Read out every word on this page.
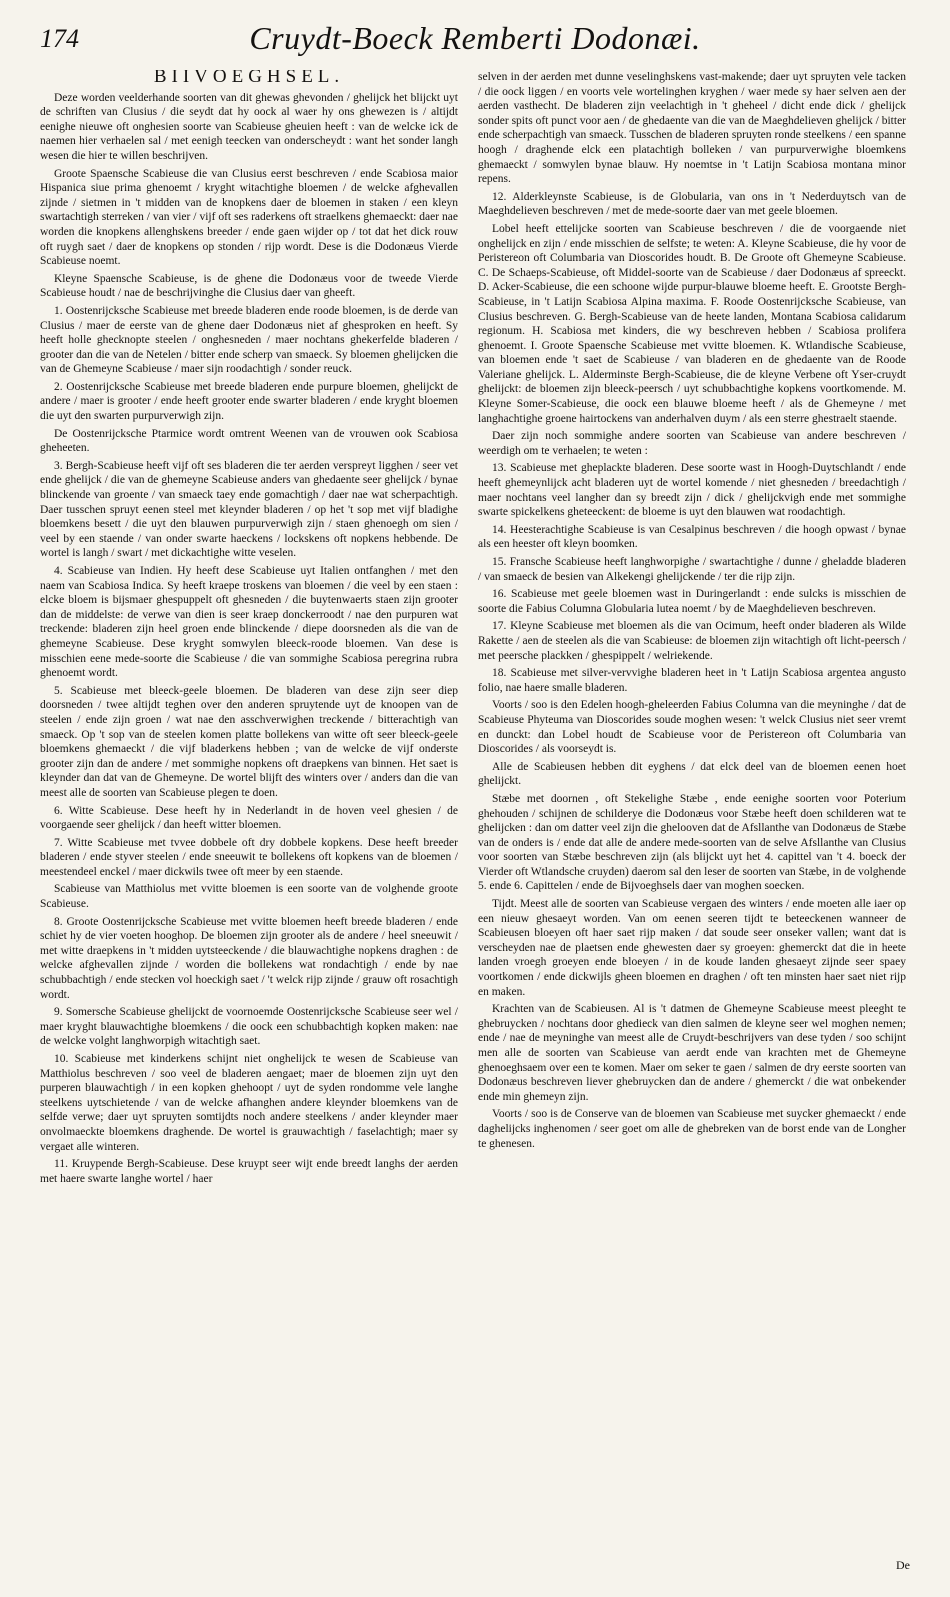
174	Cruydt-Boeck Remberti Dodonæi.
BIIVOEGHSEL.

Deze worden veelderhande soorten van dit ghewas ghevonden / ghelijck het blijckt uyt de schriften van Clusius / die seydt dat hy oock al waer hy ons ghewezen is / altijdt eenighe nieuwe oft onghesien soorte van Scabieuse gheuien heeft : van de welcke ick de naemen hier verhaelen sal / met eenigh teecken van onderscheydt : want het sonder langh wesen die hier te willen beschrijven.

Groote Spaensche Scabieuse die van Clusius eerst beschreven / ende Scabiosa maior Hispanica siue prima ghenoemt / kryght witachtighe bloemen / de welcke afghevallen zijnde / sietmen in 't midden van de knopkens daer de bloemen in staken / een kleyn swartachtigh sterreken / van vier / vijf oft ses raderkens oft straelkens ghemaeckt: daer nae worden die knopkens allenghskens breeder / ende gaen wijder op / tot dat het dick rouw oft ruygh saet / daer de knopkens op stonden / rijp wordt. Dese is die Dodonæus Vierde Scabieuse noemt.

Kleyne Spaensche Scabieuse, is de ghene die Dodonæus voor de tweede Vierde Scabieuse houdt / nae de beschrijvinghe die Clusius daer van gheeft.

1. Oostenrijcksche Scabieuse met breede bladeren ende roode bloemen, is de derde van Clusius / maer de eerste van de ghene daer Dodonæus niet af ghesproken en heeft. Sy heeft holle ghecknopte steelen / onghesneden / maer nochtans ghekerfelde bladeren / grooter dan die van de Netelen / bitter ende scherp van smaeck. Sy bloemen ghelijcken die van de Ghemeyne Scabieuse / maer sijn roodachtigh / sonder reuck.

2. Oostenrijcksche Scabieuse met breede bladeren ende purpure bloemen, ghelijckt de andere / maer is grooter / ende heeft grooter ende swarter bladeren / ende kryght bloemen die uyt den swarten purpurverwigh zijn.

De Oostenrijcksche Ptarmice wordt omtrent Weenen van de vrouwen ook Scabiosa gheheeten.

3. Bergh-Scabieuse heeft vijf oft ses bladeren die ter aerden verspreyt ligghen / seer vet ende ghelijck / die van de ghemeyne Scabieuse anders van ghedaente seer ghelijck / bynae blinckende van groente / van smaeck taey ende gomachtigh / daer nae wat scherpachtigh. Daer tusschen spruyt eenen steel met kleynder bladeren / op het 't sop met vijf bladighe bloemkens besett / die uyt den blauwen purpurverwigh zijn / staen ghenoegh om sien / veel by een staende / van onder swarte haeckens / lockskens oft nopkens hebbende. De wortel is langh / swart / met dickachtighe witte veselen.

4. Scabieuse van Indien. Hy heeft dese Scabieuse uyt Italien ontfanghen / met den naem van Scabiosa Indica. Sy heeft kraepe troskens van bloemen / die veel by een staen : elcke bloem is bijsmaer ghespuppelt oft ghesneden / die buytenwaerts staen zijn grooter dan de middelste: de verwe van dien is seer kraep donckerroodt / nae den purpuren wat treckende: bladeren zijn heel groen ende blinckende / diepe doorsneden als die van de ghemeyne Scabieuse. Dese kryght somwylen bleeck-roode bloemen. Van dese is misschien eene mede-soorte die Scabieuse / die van sommighe Scabiosa peregrina rubra ghenoemt wordt.

5. Scabieuse met bleeck-geele bloemen. De bladeren van dese zijn seer diep doorsneden / twee altijdt teghen over den anderen spruytende uyt de knoopen van de steelen / ende zijn groen / wat nae den asschverwighen treckende / bitterachtigh van smaeck. Op 't sop van de steelen komen platte bollekens van witte oft seer bleeck-geele bloemkens ghemaeckt / die vijf bladerkens hebben ; van de welcke de vijf onderste grooter zijn dan de andere / met sommighe nopkens oft draepkens van binnen. Het saet is kleynder dan dat van de Ghemeyne. De wortel blijft des winters over / anders dan die van meest alle de soorten van Scabieuse plegen te doen.

6. Witte Scabieuse. Dese heeft hy in Nederlandt in de hoven veel ghesien / de voorgaende seer ghelijck / dan heeft witter bloemen.

7. Witte Scabieuse met tvvee dobbele oft dry dobbele kopkens. Dese heeft breeder bladeren / ende styver steelen / ende sneeuwit te bollekens oft kopkens van de bloemen / meestendeel enckel / maer dickwils twee oft meer by een staende.

Scabieuse van Matthiolus met vvitte bloemen is een soorte van de volghende groote Scabieuse.

8. Groote Oostenrijcksche Scabieuse met vvitte bloemen heeft breede bladeren / ende schiet hy de vier voeten hooghop. De bloemen zijn grooter als de andere / heel sneeuwit / met witte draepkens in 't midden uytsteeckende / die blauwachtighe nopkens draghen : de welcke afghevallen zijnde / worden die bollekens wat rondachtigh / ende by nae schubbachtigh / ende stecken vol hoeckigh saet / 't welck rijp zijnde / grauw oft rosachtigh wordt.

9. Somersche Scabieuse ghelijckt de voornoemde Oostenrijcksche Scabieuse seer wel / maer kryght blauwachtighe bloemkens / die oock een schubbachtigh kopken maken: nae de welcke volght langhworpigh witachtigh saet.

10. Scabieuse met kinderkens schijnt niet onghelijck te wesen de Scabieuse van Matthiolus beschreven / soo veel de bladeren aengaet; maer de bloemen zijn uyt den purperen blauwachtigh / in een kopken ghehoopt / uyt de syden rondomme vele langhe steelkens uytschietende / van de welcke afhanghen andere kleynder bloemkens van de selfde verwe; daer uyt spruyten somtijdts noch andere steelkens / ander kleynder maer onvolmaeckte bloemkens draghende. De wortel is grauwachtigh / faselachtigh; maer sy vergaet alle winteren.

11. Kruypende Bergh-Scabieuse. Dese kruypt seer wijt ende breedt langhs der aerden met haere swarte langhe wortel / haer

selven in der aerden met dunne veselinghskens vast-makende; daer uyt spruyten vele tacken / die oock liggen / en voorts vele wortelinghen kryghen / waer mede sy haer selven aen der aerden vasthecht. De bladeren zijn veelachtigh in 't gheheel / dicht ende dick / ghelijck sonder spits oft punct voor aen / de ghedaente van die van de Maeghdelieven ghelijck / bitter ende scherpachtigh van smaeck. Tusschen de bladeren spruyten ronde steelkens / een spanne hoogh / draghende elck een platachtigh bolleken / van purpurverwighe bloemkens ghemaeckt / somwylen bynae blauw. Hy noemtse in 't Latijn Scabiosa montana minor repens.

12. Alderkleynste Scabieuse, is de Globularia, van ons in 't Nederduytsch van de Maeghdelieven beschreven / met de mede-soorte daer van met geele bloemen.

Lobel heeft ettelijcke soorten van Scabieuse beschreven / die de voorgaende niet onghelijck en zijn / ende misschien de selfste; te weten: A. Kleyne Scabieuse, die hy voor de Peristereon oft Columbaria van Dioscorides houdt. B. De Groote oft Ghemeyne Scabieuse. C. De Schaeps-Scabieuse, oft Middel-soorte van de Scabieuse / daer Dodonæus af spreeckt. D. Acker-Scabieuse, die een schoone wijde purpur-blauwe bloeme heeft. E. Grootste Bergh-Scabieuse, in 't Latijn Scabiosa Alpina maxima. F. Roode Oostenrijcksche Scabieuse, van Clusius beschreven. G. Bergh-Scabieuse van de heete landen, Montana Scabiosa calidarum regionum. H. Scabiosa met kinders, die wy beschreven hebben / Scabiosa prolifera ghenoemt. I. Groote Spaensche Scabieuse met vvitte bloemen. K. Wtlandische Scabieuse, van bloemen ende 't saet de Scabieuse / van bladeren en de ghedaente van de Roode Valeriane ghelijck. L. Alderminste Bergh-Scabieuse, die de kleyne Verbene oft Yser-cruydt ghelijckt: de bloemen zijn bleeck-peersch / uyt schubbachtighe kopkens voortkomende. M. Kleyne Somer-Scabieuse, die oock een blauwe bloeme heeft / als de Ghemeyne / met langhachtighe groene hairtockens van anderhalven duym / als een sterre ghestraelt staende.

Daer zijn noch sommighe andere soorten van Scabieuse van andere beschreven / weerdigh om te verhaelen; te weten :

13. Scabieuse met gheplackte bladeren. Dese soorte wast in Hoogh-Duytschlandt / ende heeft ghemeynlijck acht bladeren uyt de wortel komende / niet ghesneden / breedachtigh / maer nochtans veel langher dan sy breedt zijn / dick / ghelijckvigh ende met sommighe swarte spickelkens gheteeckent: de bloeme is uyt den blauwen wat roodachtigh.

14. Heesterachtighe Scabieuse is van Cesalpinus beschreven / die hoogh opwast / bynae als een heester oft kleyn boomken.

15. Fransche Scabieuse heeft langhworpighe / swartachtighe / dunne / gheladde bladeren / van smaeck de besien van Alkekengi ghelijckende / ter die rijp zijn.

16. Scabieuse met geele bloemen wast in Duringerlandt : ende sulcks is misschien de soorte die Fabius Columna Globularia lutea noemt / by de Maeghdelieven beschreven.

17. Kleyne Scabieuse met bloemen als die van Ocimum, heeft onder bladeren als Wilde Rakette / aen de steelen als die van Scabieuse: de bloemen zijn witachtigh oft licht-peersch / met peersche plackken / ghespippelt / welriekende.

18. Scabieuse met silver-vervvighe bladeren heet in 't Latijn Scabiosa argentea angusto folio, nae haere smalle bladeren.

Voorts / soo is den Edelen hoogh-gheleerden Fabius Columna van die meyninghe / dat de Scabieuse Phyteuma van Dioscorides soude moghen wesen: 't welck Clusius niet seer vremt en dunckt: dan Lobel houdt de Scabieuse voor de Peristereon oft Columbaria van Dioscorides / als voorseydt is.

Alle de Scabieusen hebben dit eyghens / dat elck deel van de bloemen eenen hoet ghelijckt.

Stæbe met doornen , oft Stekelighe Stæbe , ende eenighe soorten voor Poterium ghehouden / schijnen de schilderye die Dodonæus voor Stæbe heeft doen schilderen wat te ghelijcken : dan om datter veel zijn die ghelooven dat de Afsllanthe van Dodonæus de Stæbe van de onders is / ende dat alle de andere mede-soorten van de selve Afsllanthe van Clusius voor soorten van Stæbe beschreven zijn (als blijckt uyt het 4. capittel van 't 4. boeck der Vierder oft Wtlandsche cruyden) daerom sal den leser de soorten van Stæbe, in de volghende 5. ende 6. Capittelen / ende de Bijvoeghsels daer van moghen soecken.

Tijdt. Meest alle de soorten van Scabieuse vergaen des winters / ende moeten alle iaer op een nieuw ghesaeyt worden. Van om eenen seeren tijdt te beteeckenen wanneer de Scabieusen bloeyen oft haer saet rijp maken / dat soude seer onseker vallen; want dat is verscheyden nae de plaetsen ende ghewesten daer sy groeyen: ghemerckt dat die in heete landen vroegh groeyen ende bloeyen / in de koude landen ghesaeyt zijnde seer spaey voortkomen / ende dickwijls gheen bloemen en draghen / oft ten minsten haer saet niet rijp en maken.

Krachten van de Scabieusen. Al is 't datmen de Ghemeyne Scabieuse meest pleeght te ghebruycken / nochtans door ghedieck van dien salmen de kleyne seer wel moghen nemen; ende / nae de meyninghe van meest alle de Cruydt-beschrijvers van dese tyden / soo schijnt men alle de soorten van Scabieuse van aerdt ende van krachten met de Ghemeyne ghenoeghsaem over een te komen. Maer om seker te gaen / salmen de dry eerste soorten van Dodonæus beschreven liever ghebruycken dan de andere / ghemerckt / die wat onbekender ende min ghemeyn zijn.

Voorts / soo is de Conserve van de bloemen van Scabieuse met suycker ghemaeckt / ende daghelijcks inghenomen / seer goet om alle de ghebreken van de borst ende van de Longher te ghenesen.

De
